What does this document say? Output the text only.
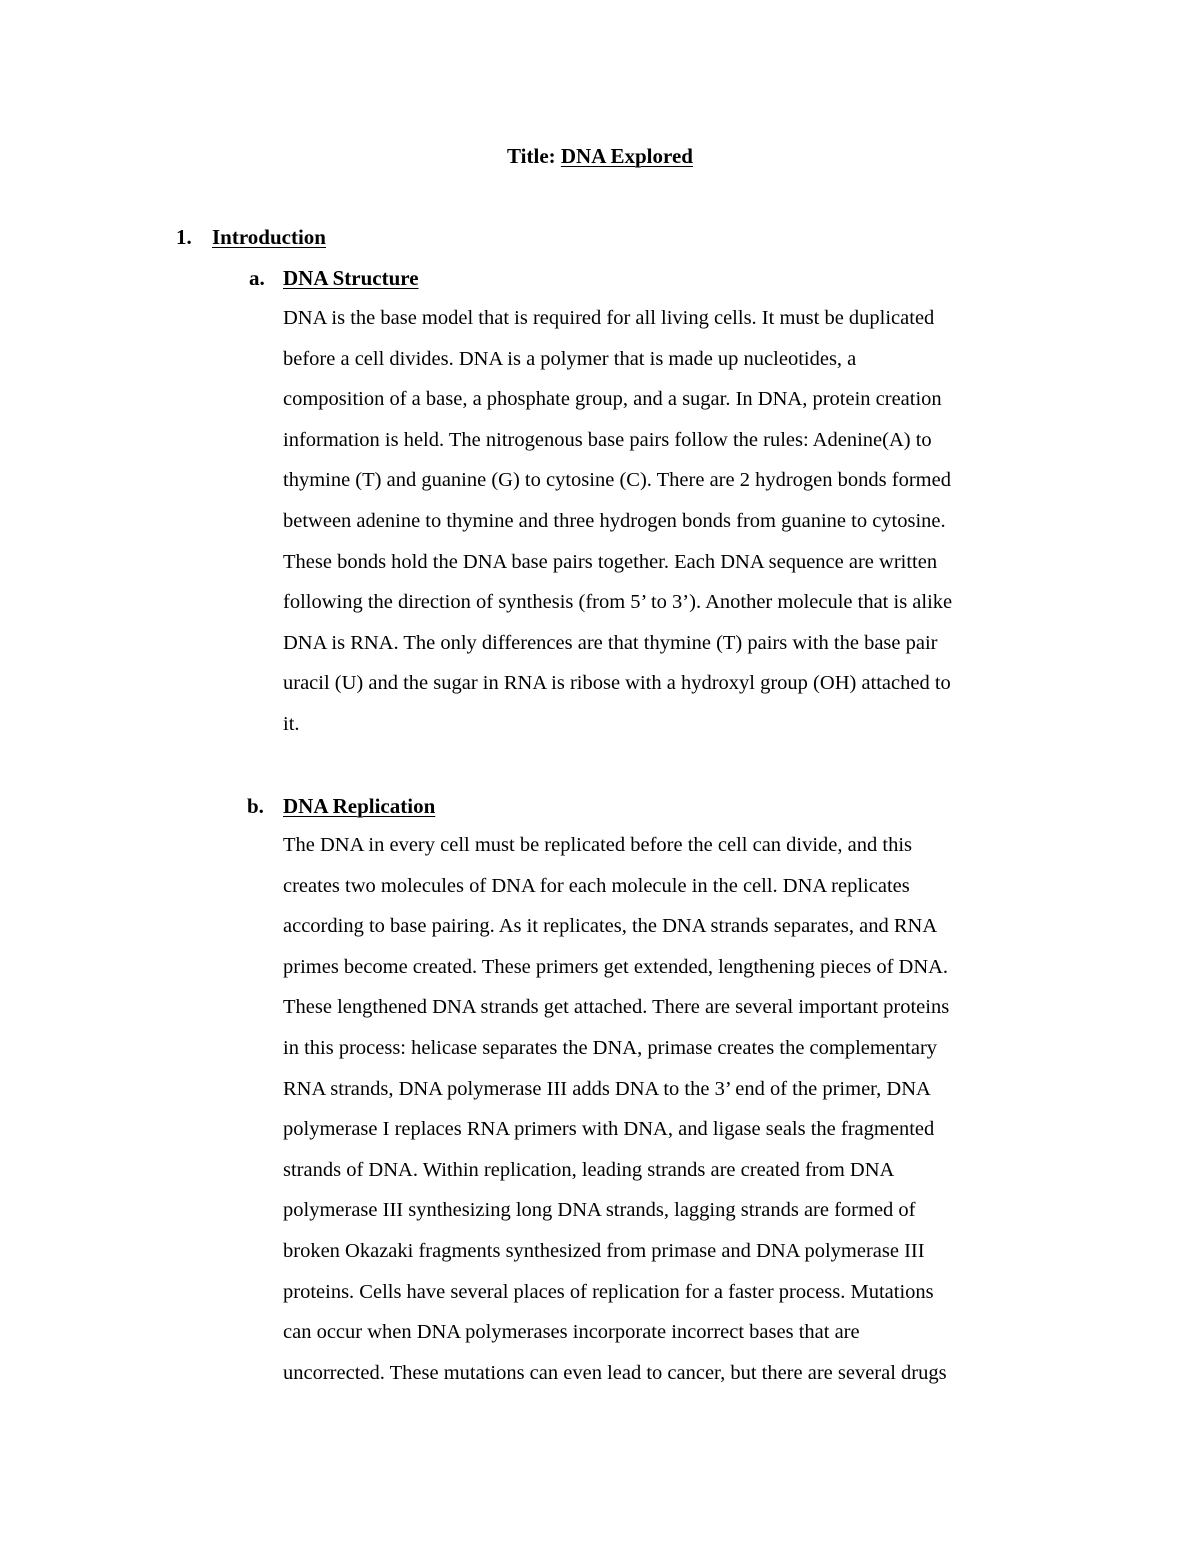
Title: DNA Explored
1. Introduction
a. DNA Structure
DNA is the base model that is required for all living cells. It must be duplicated
before a cell divides. DNA is a polymer that is made up nucleotides, a
composition of a base, a phosphate group, and a sugar. In DNA, protein creation
information is held. The nitrogenous base pairs follow the rules: Adenine(A) to
thymine (T) and guanine (G) to cytosine (C). There are 2 hydrogen bonds formed
between adenine to thymine and three hydrogen bonds from guanine to cytosine.
These bonds hold the DNA base pairs together. Each DNA sequence are written
following the direction of synthesis (from 5’ to 3’). Another molecule that is alike
DNA is RNA. The only differences are that thymine (T) pairs with the base pair
uracil (U) and the sugar in RNA is ribose with a hydroxyl group (OH) attached to
it.
b. DNA Replication
The DNA in every cell must be replicated before the cell can divide, and this
creates two molecules of DNA for each molecule in the cell. DNA replicates
according to base pairing. As it replicates, the DNA strands separates, and RNA
primes become created. These primers get extended, lengthening pieces of DNA.
These lengthened DNA strands get attached. There are several important proteins
in this process: helicase separates the DNA, primase creates the complementary
RNA strands, DNA polymerase III adds DNA to the 3’ end of the primer, DNA
polymerase I replaces RNA primers with DNA, and ligase seals the fragmented
strands of DNA. Within replication, leading strands are created from DNA
polymerase III synthesizing long DNA strands, lagging strands are formed of
broken Okazaki fragments synthesized from primase and DNA polymerase III
proteins. Cells have several places of replication for a faster process. Mutations
can occur when DNA polymerases incorporate incorrect bases that are
uncorrected. These mutations can even lead to cancer, but there are several drugs
